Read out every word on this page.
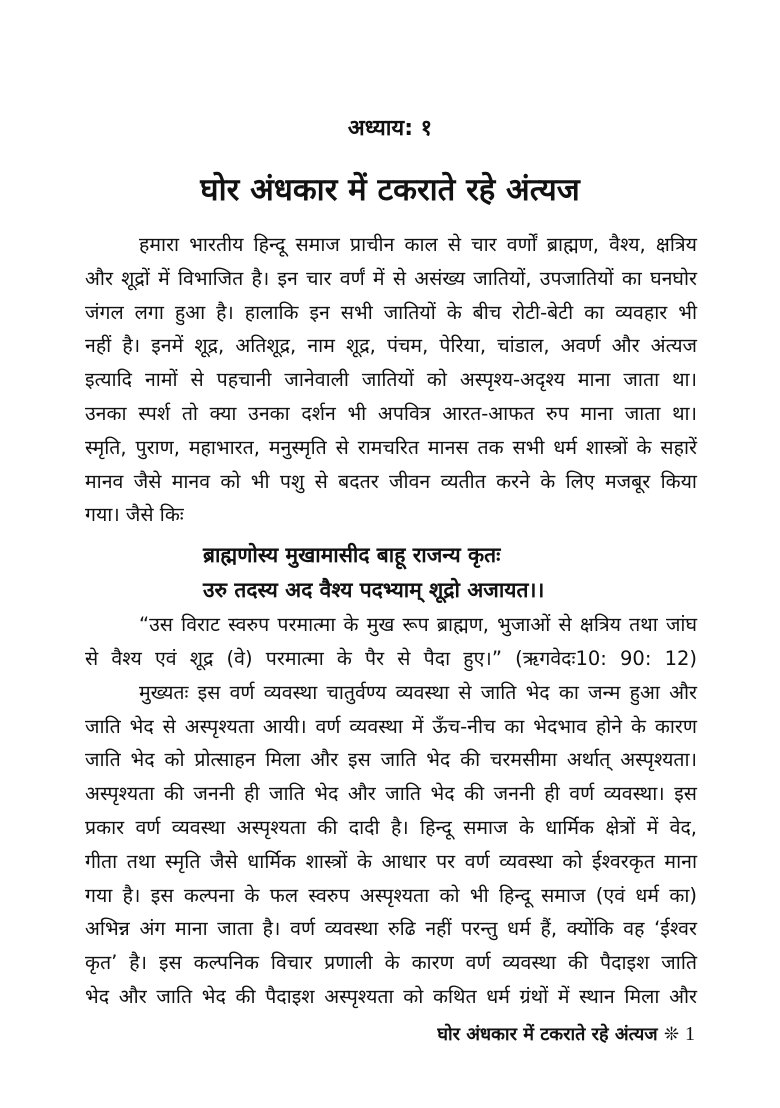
अध्याय: १
घोर अंधकार में टकराते रहे अंत्यज
हमारा भारतीय हिन्दू समाज प्राचीन काल से चार वर्णों ब्राह्मण, वैश्य, क्षत्रिय
और शूद्रों में विभाजित है। इन चार वर्णं में से असंख्य जातियों, उपजातियों का घनघोर
जंगल लगा हुआ है। हालाकि इन सभी जातियों के बीच रोटी-बेटी का व्यवहार भी
नहीं है। इनमें शूद्र, अतिशूद्र, नाम शूद्र, पंचम, पेरिया, चांडाल, अवर्ण और अंत्यज
इत्यादि नामों से पहचानी जानेवाली जातियों को अस्पृश्य-अदृश्य माना जाता था।
उनका स्पर्श तो क्या उनका दर्शन भी अपवित्र आरत-आफत रुप माना जाता था।
स्मृति, पुराण, महाभारत, मनुस्मृति से रामचरित मानस तक सभी धर्म शास्त्रों के सहारें
मानव जैसे मानव को भी पशु से बदतर जीवन व्यतीत करने के लिए मजबूर किया
गया। जैसे किः
ब्राह्मणोस्य मुखामासीद बाहू राजन्य कृतः
उरु तदस्य अद वैश्य पदभ्याम् शूद्रो अजायत।।
“उस विराट स्वरुप परमात्मा के मुख रूप ब्राह्मण, भुजाओं से क्षत्रिय तथा जांघ
से वैश्य एवं शूद्र (वे) परमात्मा के पैर से पैदा हुए।” (ऋगवेदः10: 90: 12)
मुख्यतः इस वर्ण व्यवस्था चातुर्वण्य व्यवस्था से जाति भेद का जन्म हुआ और
जाति भेद से अस्पृश्यता आयी। वर्ण व्यवस्था में ऊँच-नीच का भेदभाव होने के कारण
जाति भेद को प्रोत्साहन मिला और इस जाति भेद की चरमसीमा अर्थात् अस्पृश्यता।
अस्पृश्यता की जननी ही जाति भेद और जाति भेद की जननी ही वर्ण व्यवस्था। इस
प्रकार वर्ण व्यवस्था अस्पृश्यता की दादी है। हिन्दू समाज के धार्मिक क्षेत्रों में वेद,
गीता तथा स्मृति जैसे धार्मिक शास्त्रों के आधार पर वर्ण व्यवस्था को ईश्वरकृत माना
गया है। इस कल्पना के फल स्वरुप अस्पृश्यता को भी हिन्दू समाज (एवं धर्म का)
अभिन्न अंग माना जाता है। वर्ण व्यवस्था रुढि नहीं परन्तु धर्म हैं, क्योंकि वह ‘ईश्वर
कृत’ है। इस कल्पनिक विचार प्रणाली के कारण वर्ण व्यवस्था की पैदाइश जाति
भेद और जाति भेद की पैदाइश अस्पृश्यता को कथित धर्म ग्रंथों में स्थान मिला और
घोर अंधकार में टकराते रहे अंत्यज ❊ 1
